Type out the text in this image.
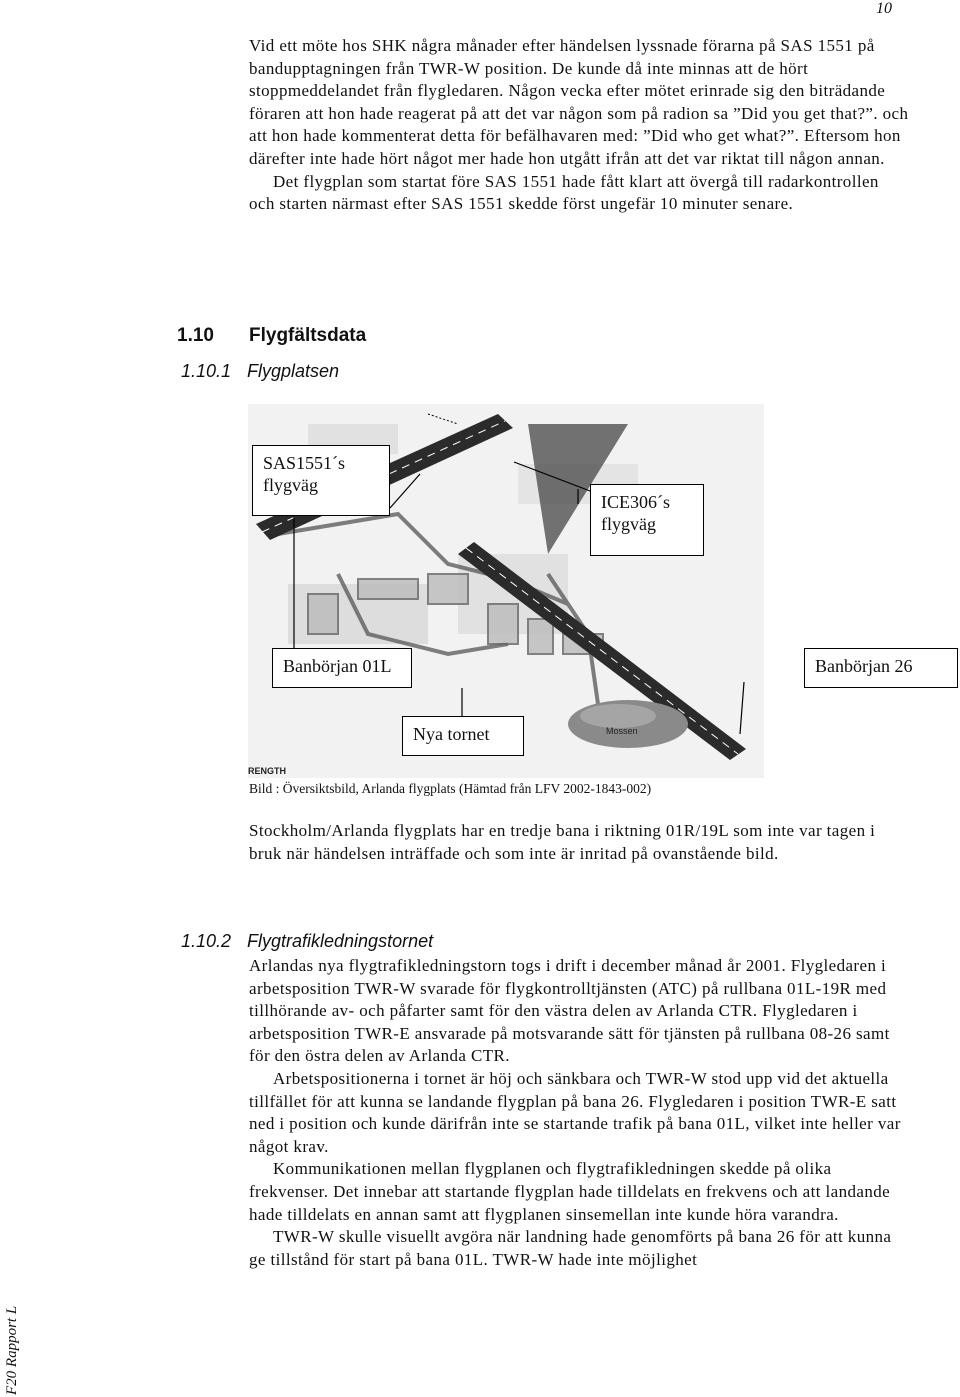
10
F20 Rapport L

Vid ett möte hos SHK några månader efter händelsen lyssnade förarna på SAS 1551 på bandupptagningen från TWR-W position. De kunde då inte minnas att de hört stoppmeddelandet från flygledaren. Någon vecka efter mötet erinrade sig den biträdande föraren att hon hade reagerat på att det var någon som på radion sa ”Did you get that?”. och att hon hade kommenterat detta för befälhavaren med: ”Did who get what?”. Eftersom hon därefter inte hade hört något mer hade hon utgått ifrån att det var riktat till någon annan.

Det flygplan som startat före SAS 1551 hade fått klart att övergå till radarkontrollen och starten närmast efter SAS 1551 skedde först ungefär 10 minuter senare.

1.10 Flygfältsdata
1.10.1 Flygplatsen
Mossen
RENGTH
SAS1551´s flygväg
ICE306´s flygväg
Banbörjan 01L
Nya tornet
Banbörjan 26
Bild : Översiktsbild, Arlanda flygplats (Hämtad från LFV 2002-1843-002)

Stockholm/Arlanda flygplats har en tredje bana i riktning 01R/19L som inte var tagen i bruk när händelsen inträffade och som inte är inritad på ovanstående bild.

1.10.2 Flygtrafikledningstornet

Arlandas nya flygtrafikledningstorn togs i drift i december månad år 2001. Flygledaren i arbetsposition TWR-W svarade för flygkontrolltjänsten (ATC) på rullbana 01L-19R med tillhörande av- och påfarter samt för den västra delen av Arlanda CTR. Flygledaren i arbetsposition TWR-E ansvarade på motsvarande sätt för tjänsten på rullbana 08-26 samt för den östra delen av Arlanda CTR.

Arbetspositionerna i tornet är höj och sänkbara och TWR-W stod upp vid det aktuella tillfället för att kunna se landande flygplan på bana 26. Flygledaren i position TWR-E satt ned i position och kunde därifrån inte se startande trafik på bana 01L, vilket inte heller var något krav.

Kommunikationen mellan flygplanen och flygtrafikledningen skedde på olika frekvenser. Det innebar att startande flygplan hade tilldelats en frekvens och att landande hade tilldelats en annan samt att flygplanen sinsemellan inte kunde höra varandra.

TWR-W skulle visuellt avgöra när landning hade genomförts på bana 26 för att kunna ge tillstånd för start på bana 01L. TWR-W hade inte möjlighet
